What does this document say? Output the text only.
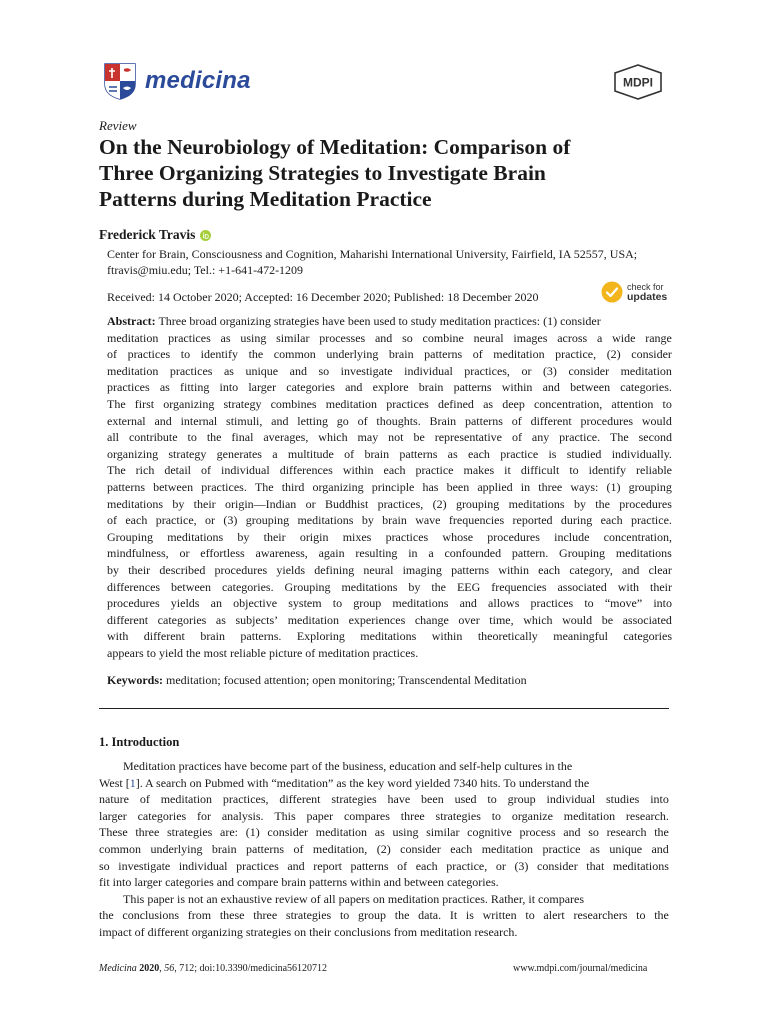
medicina	MDPI
Review
On the Neurobiology of Meditation: Comparison of
Three Organizing Strategies to Investigate Brain
Patterns during Meditation Practice
Frederick Travis
Center for Brain, Consciousness and Cognition, Maharishi International University, Fairfield, IA 52557, USA;
ftravis@miu.edu; Tel.: +1-641-472-1209
Received: 14 October 2020; Accepted: 16 December 2020; Published: 18 December 2020
check for
updates
Abstract: Three broad organizing strategies have been used to study meditation practices: (1) consider
meditation practices as using similar processes and so combine neural images across a wide range
of practices to identify the common underlying brain patterns of meditation practice, (2) consider
meditation practices as unique and so investigate individual practices, or (3) consider meditation
practices as fitting into larger categories and explore brain patterns within and between categories.
The first organizing strategy combines meditation practices defined as deep concentration, attention to
external and internal stimuli, and letting go of thoughts. Brain patterns of different procedures would
all contribute to the final averages, which may not be representative of any practice. The second
organizing strategy generates a multitude of brain patterns as each practice is studied individually.
The rich detail of individual differences within each practice makes it difficult to identify reliable
patterns between practices. The third organizing principle has been applied in three ways: (1) grouping
meditations by their origin—Indian or Buddhist practices, (2) grouping meditations by the procedures
of each practice, or (3) grouping meditations by brain wave frequencies reported during each practice.
Grouping meditations by their origin mixes practices whose procedures include concentration,
mindfulness, or effortless awareness, again resulting in a confounded pattern. Grouping meditations
by their described procedures yields defining neural imaging patterns within each category, and clear
differences between categories. Grouping meditations by the EEG frequencies associated with their
procedures yields an objective system to group meditations and allows practices to “move” into
different categories as subjects’ meditation experiences change over time, which would be associated
with different brain patterns. Exploring meditations within theoretically meaningful categories
appears to yield the most reliable picture of meditation practices.
Keywords: meditation; focused attention; open monitoring; Transcendental Meditation
1. Introduction
Meditation practices have become part of the business, education and self-help cultures in the
West [1]. A search on Pubmed with “meditation” as the key word yielded 7340 hits. To understand the
nature of meditation practices, different strategies have been used to group individual studies into
larger categories for analysis. This paper compares three strategies to organize meditation research.
These three strategies are: (1) consider meditation as using similar cognitive process and so research the
common underlying brain patterns of meditation, (2) consider each meditation practice as unique and
so investigate individual practices and report patterns of each practice, or (3) consider that meditations
fit into larger categories and compare brain patterns within and between categories.
This paper is not an exhaustive review of all papers on meditation practices. Rather, it compares
the conclusions from these three strategies to group the data. It is written to alert researchers to the
impact of different organizing strategies on their conclusions from meditation research.
Medicina 2020, 56, 712; doi:10.3390/medicina56120712	www.mdpi.com/journal/medicina
